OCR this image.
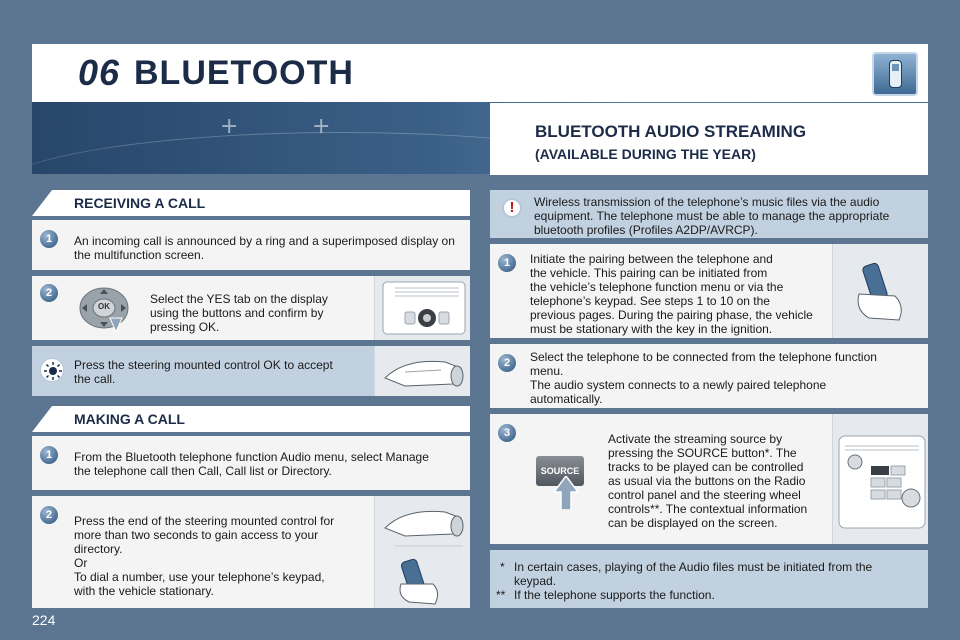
06 BLUETOOTH
+	+	BLUETOOTH AUDIO STREAMING
(AVAILABLE DURING THE YEAR)
RECEIVING A CALL
1	An incoming call is announced by a ring and a superimposed display on the multifunction screen.
2	Select the YES tab on the display
using the buttons and confirm by
pressing OK.
OK
Press the steering mounted control OK to accept
the call.
MAKING A CALL
1	From the Bluetooth telephone function Audio menu, select Manage
the telephone call then Call, Call list or Directory.
2	Press the end of the steering mounted control for
more than two seconds to gain access to your
directory.
Or
To dial a number, use your telephone’s keypad,
with the vehicle stationary.
!	Wireless transmission of the telephone’s music files via the audio
equipment. The telephone must be able to manage the appropriate
bluetooth profiles (Profiles A2DP/AVRCP).
1	Initiate the pairing between the telephone and
the vehicle. This pairing can be initiated from
the vehicle’s telephone function menu or via the
telephone’s keypad. See steps 1 to 10 on the
previous pages. During the pairing phase, the vehicle
must be stationary with the key in the ignition.
2	Select the telephone to be connected from the telephone function
menu.
The audio system connects to a newly paired telephone
automatically.
3	Activate the streaming source by
pressing the SOURCE button*. The
tracks to be played can be controlled
as usual via the buttons on the Radio
control panel and the steering wheel
controls**. The contextual information
can be displayed on the screen.
SOURCE
* In certain cases, playing of the Audio files must be initiated from the
keypad.
** If the telephone supports the function.
224
